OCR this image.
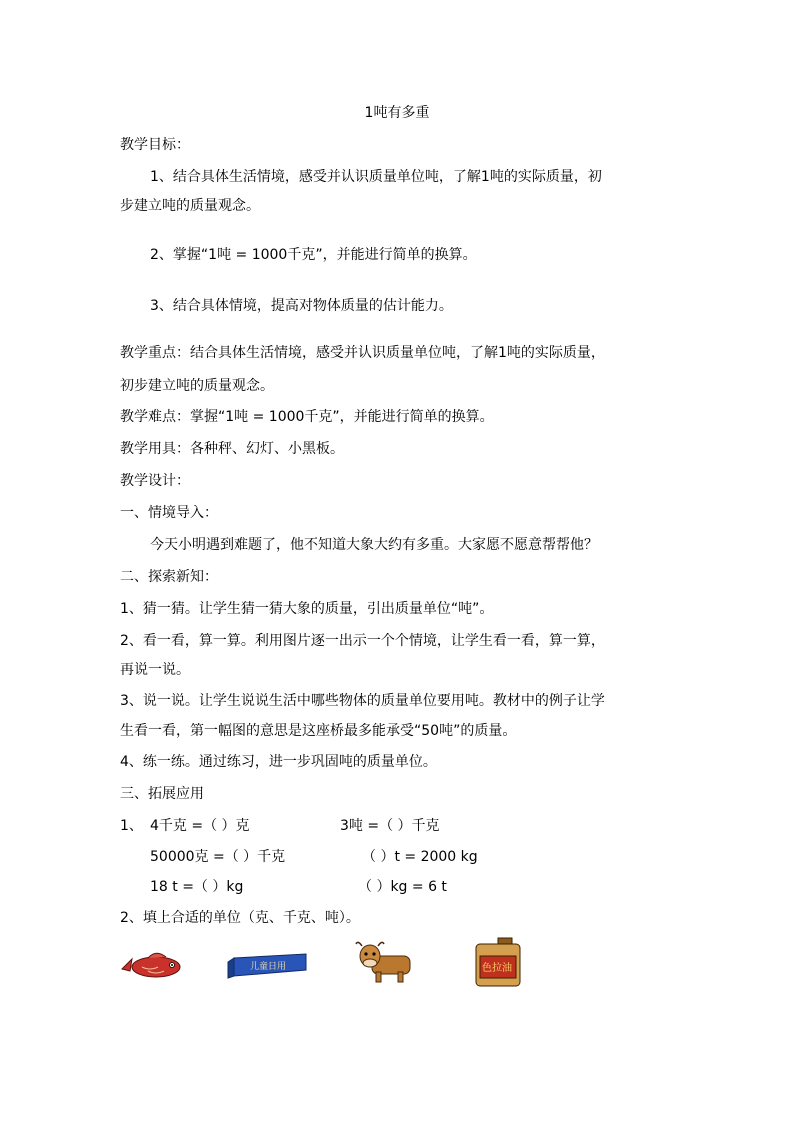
1吨有多重
教学目标：
1、结合具体生活情境，感受并认识质量单位吨，了解1吨的实际质量，初
步建立吨的质量观念。
2、掌握“1吨 = 1000千克”，并能进行简单的换算。
3、结合具体情境，提高对物体质量的估计能力。
教学重点：结合具体生活情境，感受并认识质量单位吨，了解1吨的实际质量，
初步建立吨的质量观念。
教学难点：掌握“1吨 = 1000千克”，并能进行简单的换算。
教学用具：各种秤、幻灯、小黑板。
教学设计：
一、情境导入：
今天小明遇到难题了，他不知道大象大约有多重。大家愿不愿意帮帮他？
二、探索新知：
1、猜一猜。让学生猜一猜大象的质量，引出质量单位“吨”。
2、看一看，算一算。利用图片逐一出示一个个情境，让学生看一看，算一算，
再说一说。
3、说一说。让学生说说生活中哪些物体的质量单位要用吨。教材中的例子让学
生看一看，第一幅图的意思是这座桥最多能承受“50吨”的质量。
4、练一练。通过练习，进一步巩固吨的质量单位。
三、拓展应用
1、 4千克 =（ ）克	3吨 =（ ）千克
50000克 =（ ）千克	（ ）t = 2000 kg
18 t =（ ）kg	（ ）kg = 6 t
2、填上合适的单位（克、千克、吨）。
儿童日用	色拉油
